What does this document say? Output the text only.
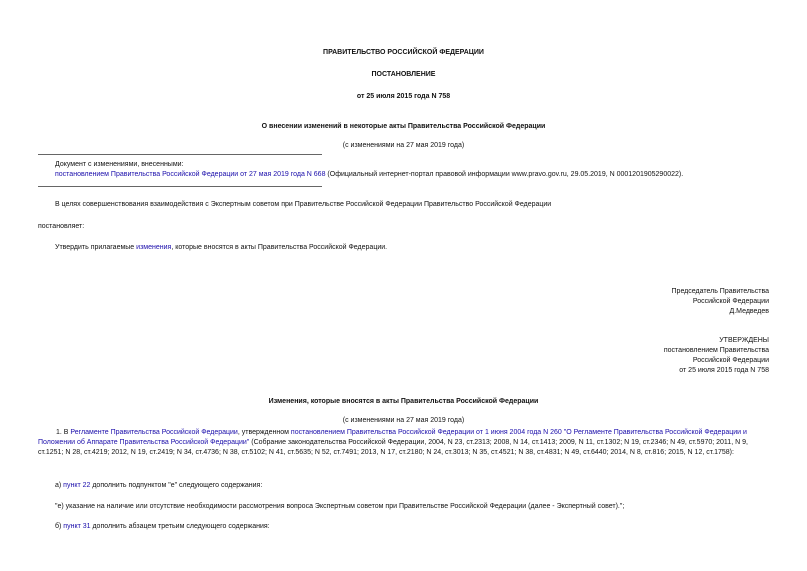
ПРАВИТЕЛЬСТВО РОССИЙСКОЙ ФЕДЕРАЦИИ
ПОСТАНОВЛЕНИЕ
от 25 июля 2015 года N 758
О внесении изменений в некоторые акты Правительства Российской Федерации
(с изменениями на 27 мая 2019 года)
Документ с изменениями, внесенными:
постановлением Правительства Российской Федерации от 27 мая 2019 года N 668 (Официальный интернет-портал правовой информации www.pravo.gov.ru, 29.05.2019, N 0001201905290022).
В целях совершенствования взаимодействия с Экспертным советом при Правительстве Российской Федерации Правительство Российской Федерации
постановляет:
Утвердить прилагаемые изменения, которые вносятся в акты Правительства Российской Федерации.
Председатель Правительства
Российской Федерации
Д.Медведев
УТВЕРЖДЕНЫ
постановлением Правительства
Российской Федерации
от 25 июля 2015 года N 758
Изменения, которые вносятся в акты Правительства Российской Федерации
(с изменениями на 27 мая 2019 года)
1. В Регламенте Правительства Российской Федерации, утвержденном постановлением Правительства Российской Федерации от 1 июня 2004 года N 260 "О Регламенте Правительства Российской Федерации и Положении об Аппарате Правительства Российской Федерации" (Собрание законодательства Российской Федерации, 2004, N 23, ст.2313; 2008, N 14, ст.1413; 2009, N 11, ст.1302; N 19, ст.2346; N 49, ст.5970; 2011, N 9, ст.1251; N 28, ст.4219; 2012, N 19, ст.2419; N 34, ст.4736; N 38, ст.5102; N 41, ст.5635; N 52, ст.7491; 2013, N 17, ст.2180; N 24, ст.3013; N 35, ст.4521; N 38, ст.4831; N 49, ст.6440; 2014, N 8, ст.816; 2015, N 12, ст.1758):
а) пункт 22 дополнить подпунктом "е" следующего содержания:
"е) указание на наличие или отсутствие необходимости рассмотрения вопроса Экспертным советом при Правительстве Российской Федерации (далее - Экспертный совет).";
б) пункт 31 дополнить абзацем третьим следующего содержания:
